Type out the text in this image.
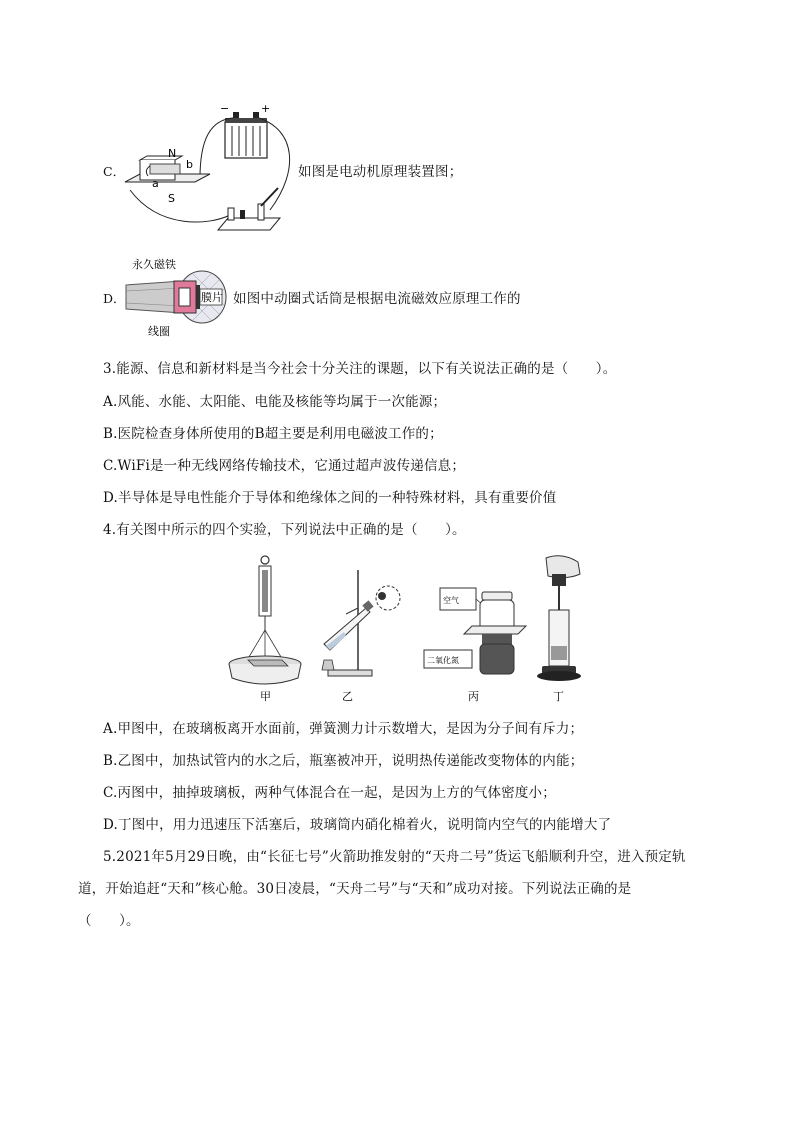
C．
−	+
N
b
a
S
如图是电动机原理装置图；
D．
永久磁铁
膜片
线圈
如图中动圈式话筒是根据电流磁效应原理工作的
3.能源、信息和新材料是当今社会十分关注的课题，以下有关说法正确的是（　　）。
A.风能、水能、太阳能、电能及核能等均属于一次能源；
B.医院检查身体所使用的B超主要是利用电磁波工作的；
C.WiFi是一种无线网络传输技术，它通过超声波传递信息；
D.半导体是导电性能介于导体和绝缘体之间的一种特殊材料，具有重要价值
4.有关图中所示的四个实验，下列说法中正确的是（　　）。
甲	乙
空气
二氧化氮
丙	丁
A.甲图中，在玻璃板离开水面前，弹簧测力计示数增大，是因为分子间有斥力；
B.乙图中，加热试管内的水之后，瓶塞被冲开，说明热传递能改变物体的内能；
C.丙图中，抽掉玻璃板，两种气体混合在一起，是因为上方的气体密度小；
D.丁图中，用力迅速压下活塞后，玻璃筒内硝化棉着火，说明筒内空气的内能增大了
5.2021年5月29日晚，由“长征七号”火箭助推发射的“天舟二号”货运飞船顺利升空，进入预定轨
道，开始追赶“天和”核心舱。30日凌晨，“天舟二号”与“天和”成功对接。下列说法正确的是
（　　）。
